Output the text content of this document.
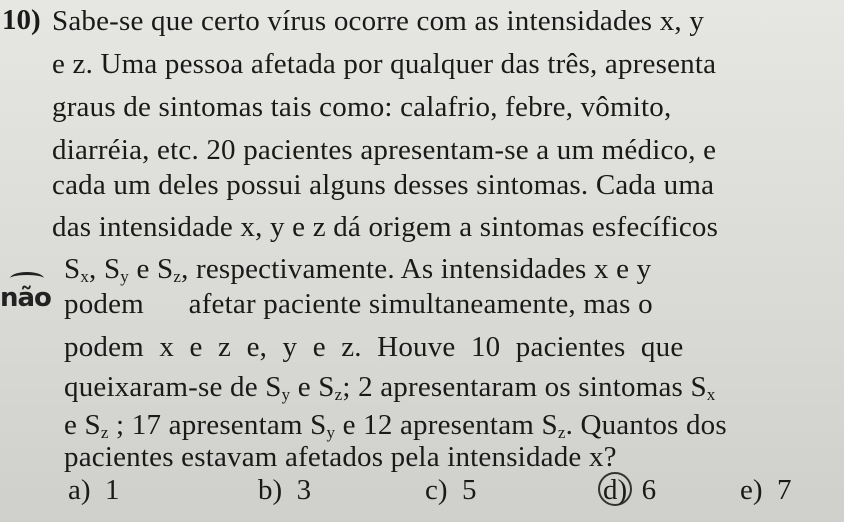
10) Sabe-se que certo vírus ocorre com as intensidades x, y
e z. Uma pessoa afetada por qualquer das três, apresenta
graus de sintomas tais como: calafrio, febre, vômito,
diarréia, etc. 20 pacientes apresentam-se a um médico, e
cada um deles possui alguns desses sintomas. Cada uma
das intensidade x, y e z dá origem a sintomas esfecíficos
$S_x$, $S_y$ e $S_z$, respectivamente. As intensidades x e y
não podem      afetar paciente simultaneamente, mas o
podem x e z e, y e z. Houve 10 pacientes que
queixaram-se de $S_y$ e $S_z$; 2 apresentaram os sintomas $S_x$
e $S_z$ ; 17 apresentam $S_y$ e 12 apresentam $S_z$. Quantos dos
pacientes estavam afetados pela intensidade x?
a) 1	b) 3	c) 5	d) 6	e) 7
